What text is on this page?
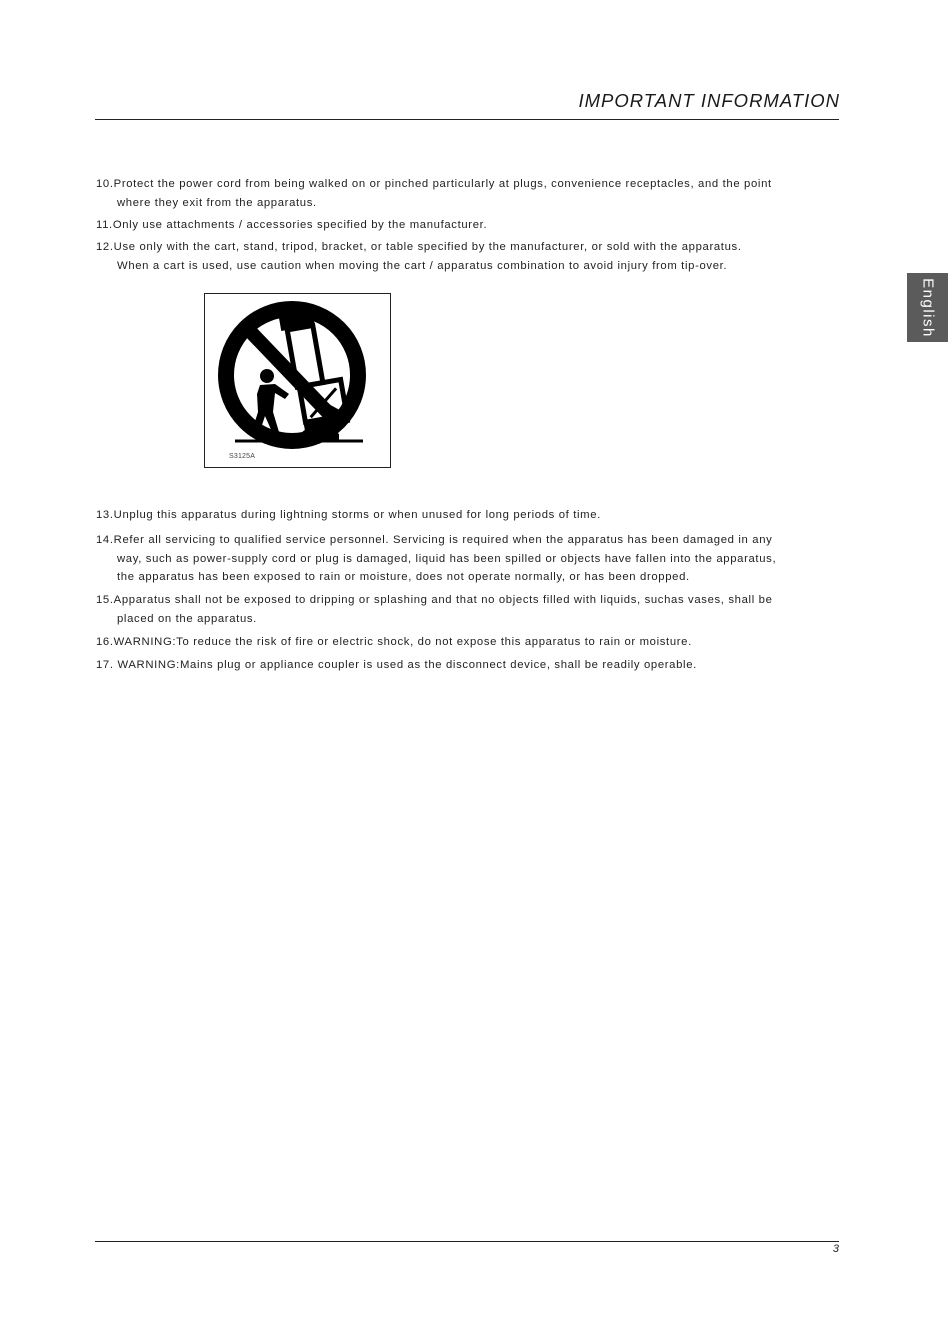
IMPORTANT INFORMATION
English
10.Protect the power cord from being walked on or pinched particularly at plugs, convenience receptacles, and the point
where they exit from the apparatus.
11.Only use attachments / accessories specified by the manufacturer.
12.Use only with the cart, stand, tripod, bracket, or table specified by the manufacturer, or sold with the apparatus.
When a cart is used, use caution when moving the cart / apparatus combination to avoid injury from tip-over.
S3125A
13.Unplug this apparatus during lightning storms or when unused for long periods of time.
14.Refer all servicing to qualified service personnel. Servicing is required when the apparatus has been damaged in any
way, such as power-supply cord or plug is damaged, liquid has been spilled or objects have fallen into the apparatus,
the apparatus has been exposed to rain or moisture, does not operate normally, or has been dropped.
15.Apparatus shall not be exposed to dripping or splashing and that no objects filled with liquids, suchas vases, shall be
placed on the apparatus.
16.WARNING:To reduce the risk of fire or electric shock, do not expose this apparatus to rain or moisture.
17. WARNING:Mains plug or appliance coupler is used as the disconnect device, shall be readily operable.
3
